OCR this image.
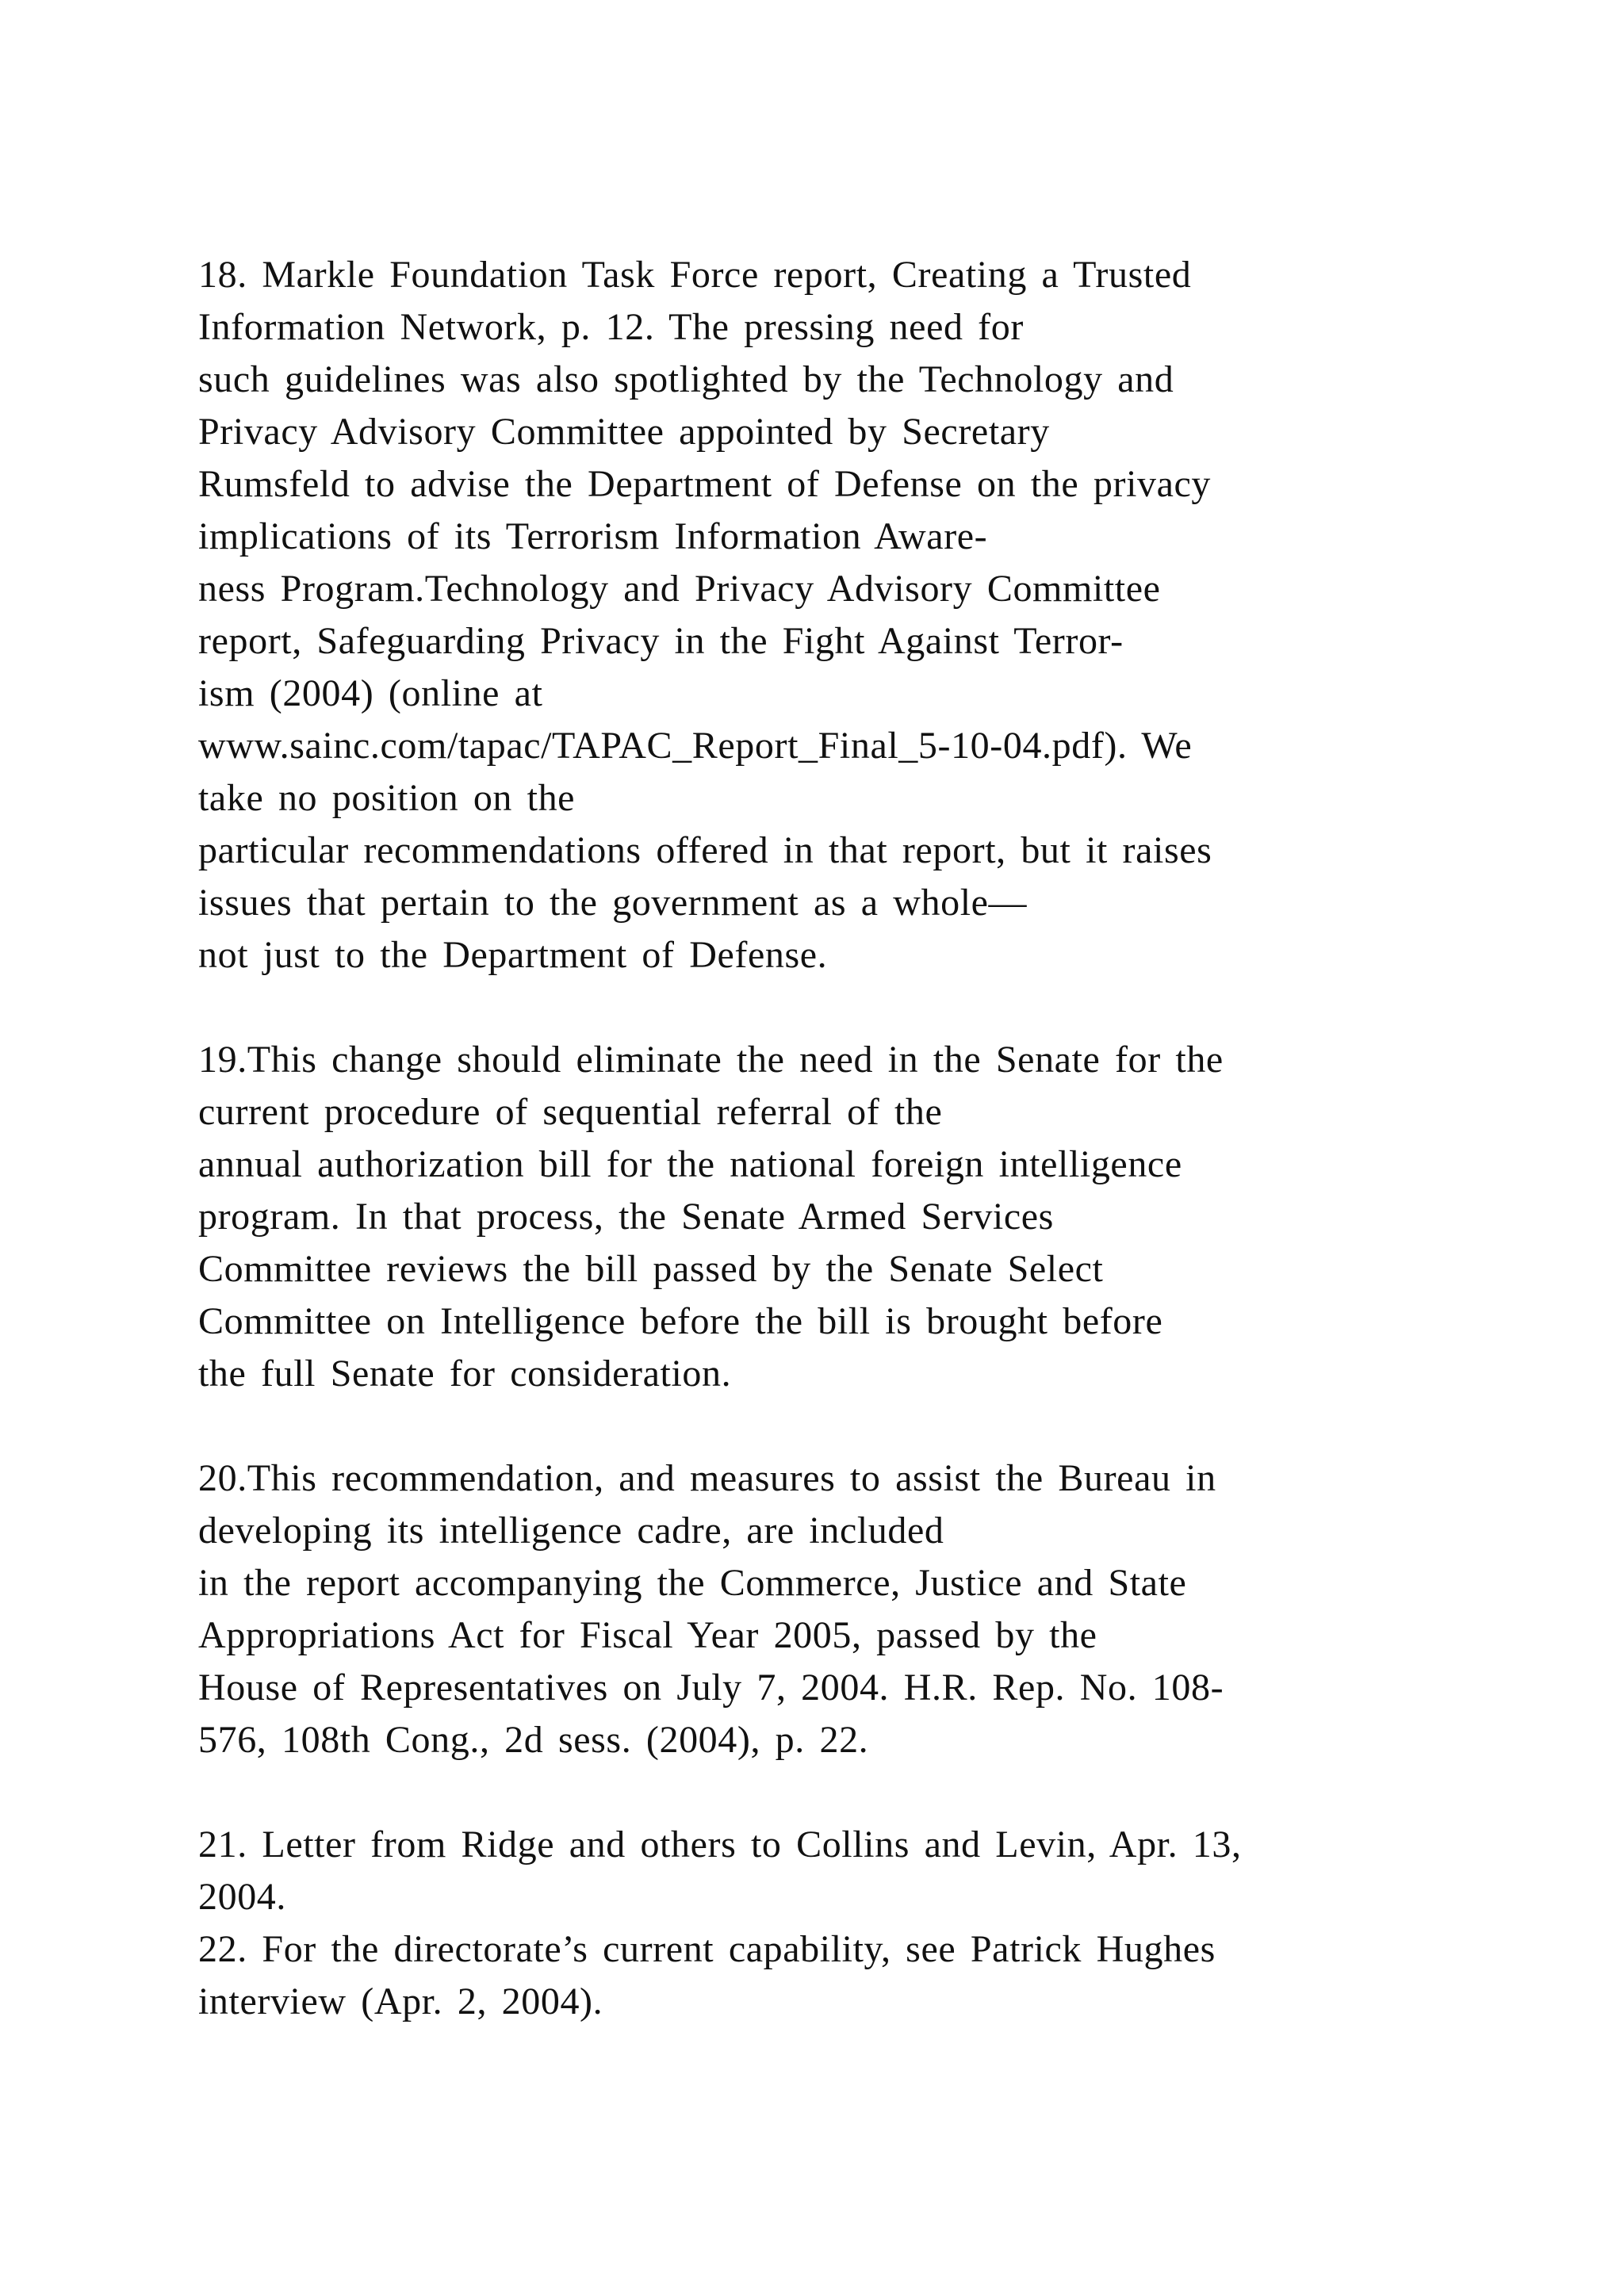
18. Markle Foundation Task Force report, Creating a Trusted
Information Network, p. 12. The pressing need for
such guidelines was also spotlighted by the Technology and
Privacy Advisory Committee appointed by Secretary
Rumsfeld to advise the Department of Defense on the privacy
implications of its Terrorism Information Aware-
ness Program.Technology and Privacy Advisory Committee
report, Safeguarding Privacy in the Fight Against Terror-
ism (2004) (online at
www.sainc.com/tapac/TAPAC_Report_Final_5-10-04.pdf). We
take no position on the
particular recommendations offered in that report, but it raises
issues that pertain to the government as a whole—
not just to the Department of Defense.
19.This change should eliminate the need in the Senate for the
current procedure of sequential referral of the
annual authorization bill for the national foreign intelligence
program. In that process, the Senate Armed Services
Committee reviews the bill passed by the Senate Select
Committee on Intelligence before the bill is brought before
the full Senate for consideration.
20.This recommendation, and measures to assist the Bureau in
developing its intelligence cadre, are included
in the report accompanying the Commerce, Justice and State
Appropriations Act for Fiscal Year 2005, passed by the
House of Representatives on July 7, 2004. H.R. Rep. No. 108-
576, 108th Cong., 2d sess. (2004), p. 22.
21. Letter from Ridge and others to Collins and Levin, Apr. 13,
2004.
22. For the directorate’s current capability, see Patrick Hughes
interview (Apr. 2, 2004).
